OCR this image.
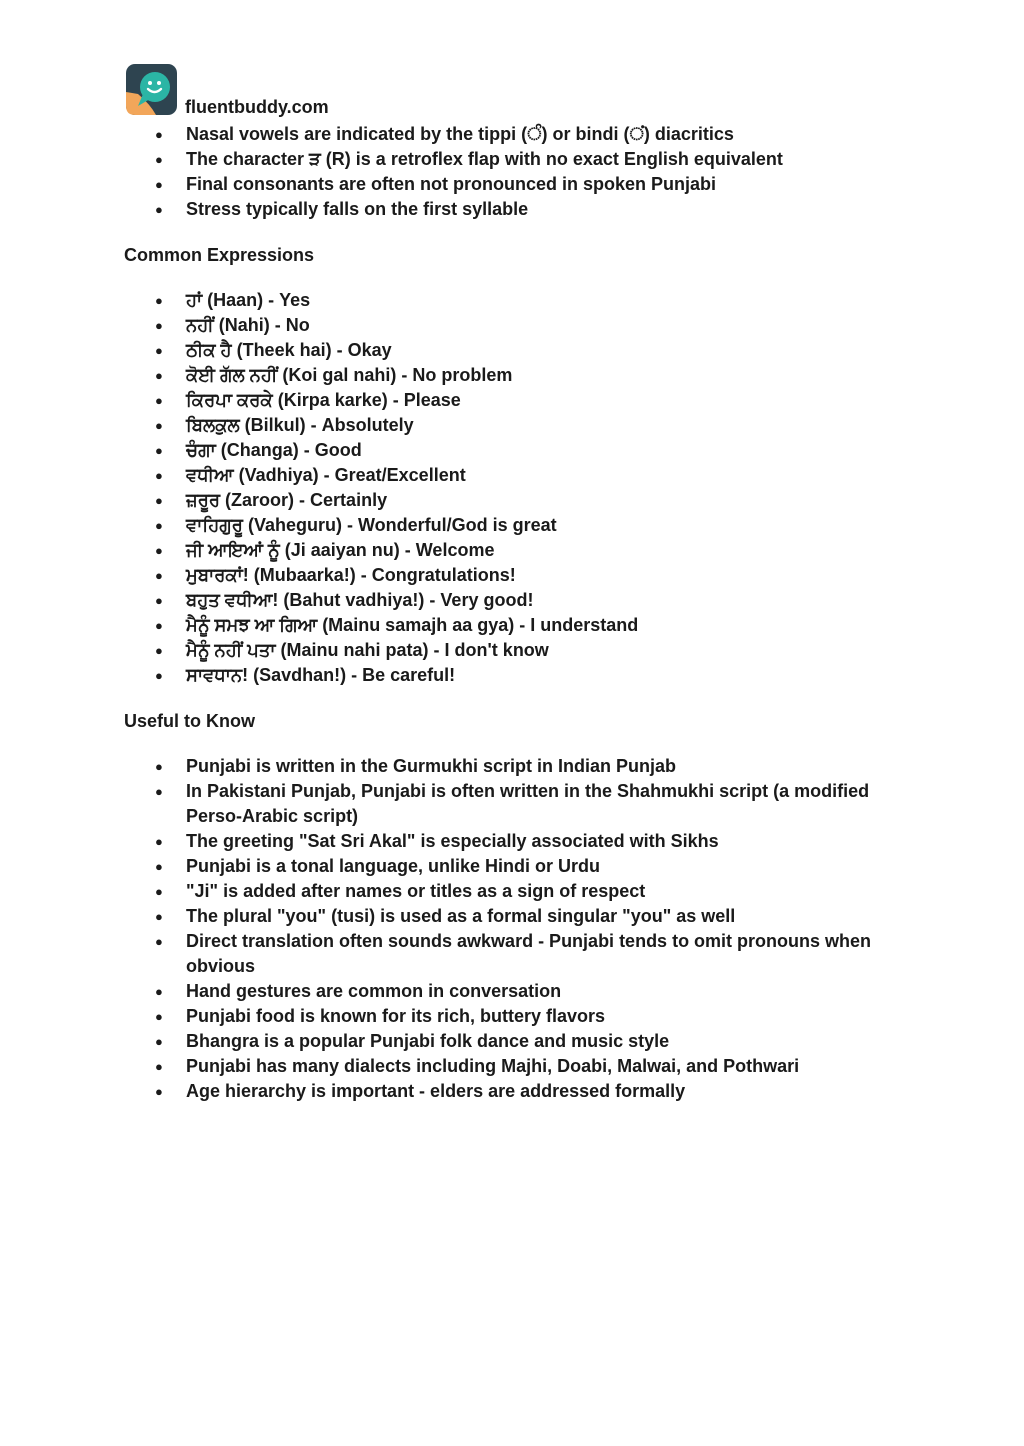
fluentbuddy.com
● Nasal vowels are indicated by the tippi (ੰ) or bindi (ਂ) diacritics
● The character ੜ (R) is a retroflex flap with no exact English equivalent
● Final consonants are often not pronounced in spoken Punjabi
● Stress typically falls on the first syllable
Common Expressions
● ਹਾਂ (Haan) - Yes
● ਨਹੀਂ (Nahi) - No
● ਠੀਕ ਹੈ (Theek hai) - Okay
● ਕੋਈ ਗੱਲ ਨਹੀਂ (Koi gal nahi) - No problem
● ਕਿਰਪਾ ਕਰਕੇ (Kirpa karke) - Please
● ਬਿਲਕੁਲ (Bilkul) - Absolutely
● ਚੰਗਾ (Changa) - Good
● ਵਧੀਆ (Vadhiya) - Great/Excellent
● ਜ਼ਰੂਰ (Zaroor) - Certainly
● ਵਾਹਿਗੁਰੂ (Vaheguru) - Wonderful/God is great
● ਜੀ ਆਇਆਂ ਨੂੰ (Ji aaiyan nu) - Welcome
● ਮੁਬਾਰਕਾਂ! (Mubaarka!) - Congratulations!
● ਬਹੁਤ ਵਧੀਆ! (Bahut vadhiya!) - Very good!
● ਮੈਨੂੰ ਸਮਝ ਆ ਗਿਆ (Mainu samajh aa gya) - I understand
● ਮੈਨੂੰ ਨਹੀਂ ਪਤਾ (Mainu nahi pata) - I don't know
● ਸਾਵਧਾਨ! (Savdhan!) - Be careful!
Useful to Know
● Punjabi is written in the Gurmukhi script in Indian Punjab
● In Pakistani Punjab, Punjabi is often written in the Shahmukhi script (a modified Perso-Arabic script)
● The greeting "Sat Sri Akal" is especially associated with Sikhs
● Punjabi is a tonal language, unlike Hindi or Urdu
● "Ji" is added after names or titles as a sign of respect
● The plural "you" (tusi) is used as a formal singular "you" as well
● Direct translation often sounds awkward - Punjabi tends to omit pronouns when obvious
● Hand gestures are common in conversation
● Punjabi food is known for its rich, buttery flavors
● Bhangra is a popular Punjabi folk dance and music style
● Punjabi has many dialects including Majhi, Doabi, Malwai, and Pothwari
● Age hierarchy is important - elders are addressed formally
